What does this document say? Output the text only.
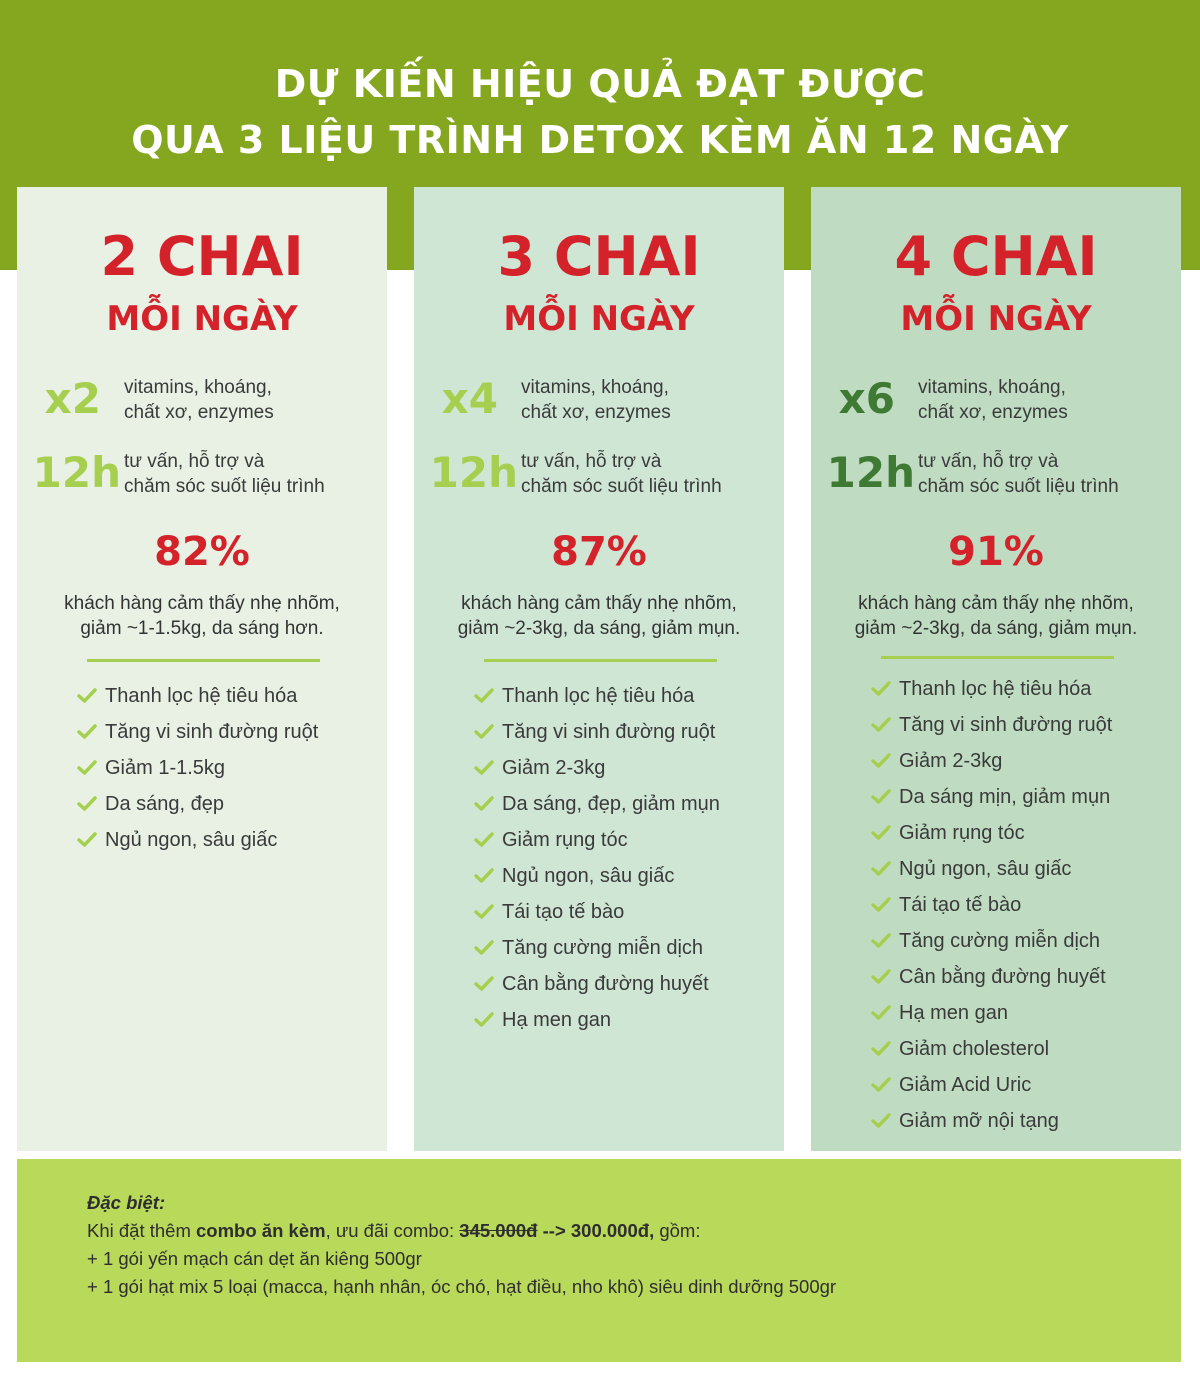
DỰ KIẾN HIỆU QUẢ ĐẠT ĐƯỢC
QUA 3 LIỆU TRÌNH DETOX KÈM ĂN 12 NGÀY
2 CHAI
MỖI NGÀY
x2 vitamins, khoáng,
chất xơ, enzymes
12h tư vấn, hỗ trợ và
chăm sóc suốt liệu trình
82%
khách hàng cảm thấy nhẹ nhõm,
giảm ~1-1.5kg, da sáng hơn.
Thanh lọc hệ tiêu hóa
Tăng vi sinh đường ruột
Giảm 1-1.5kg
Da sáng, đẹp
Ngủ ngon, sâu giấc
3 CHAI
MỖI NGÀY
x4 vitamins, khoáng,
chất xơ, enzymes
12h tư vấn, hỗ trợ và
chăm sóc suốt liệu trình
87%
khách hàng cảm thấy nhẹ nhõm,
giảm ~2-3kg, da sáng, giảm mụn.
Thanh lọc hệ tiêu hóa
Tăng vi sinh đường ruột
Giảm 2-3kg
Da sáng, đẹp, giảm mụn
Giảm rụng tóc
Ngủ ngon, sâu giấc
Tái tạo tế bào
Tăng cường miễn dịch
Cân bằng đường huyết
Hạ men gan
4 CHAI
MỖI NGÀY
x6 vitamins, khoáng,
chất xơ, enzymes
12h tư vấn, hỗ trợ và
chăm sóc suốt liệu trình
91%
khách hàng cảm thấy nhẹ nhõm,
giảm ~2-3kg, da sáng, giảm mụn.
Thanh lọc hệ tiêu hóa
Tăng vi sinh đường ruột
Giảm 2-3kg
Da sáng mịn, giảm mụn
Giảm rụng tóc
Ngủ ngon, sâu giấc
Tái tạo tế bào
Tăng cường miễn dịch
Cân bằng đường huyết
Hạ men gan
Giảm cholesterol
Giảm Acid Uric
Giảm mỡ nội tạng
Đặc biệt:
Khi đặt thêm combo ăn kèm, ưu đãi combo: 345.000đ --> 300.000đ, gồm:
+ 1 gói yến mạch cán dẹt ăn kiêng 500gr
+ 1 gói hạt mix 5 loại (macca, hạnh nhân, óc chó, hạt điều, nho khô) siêu dinh dưỡng 500gr
